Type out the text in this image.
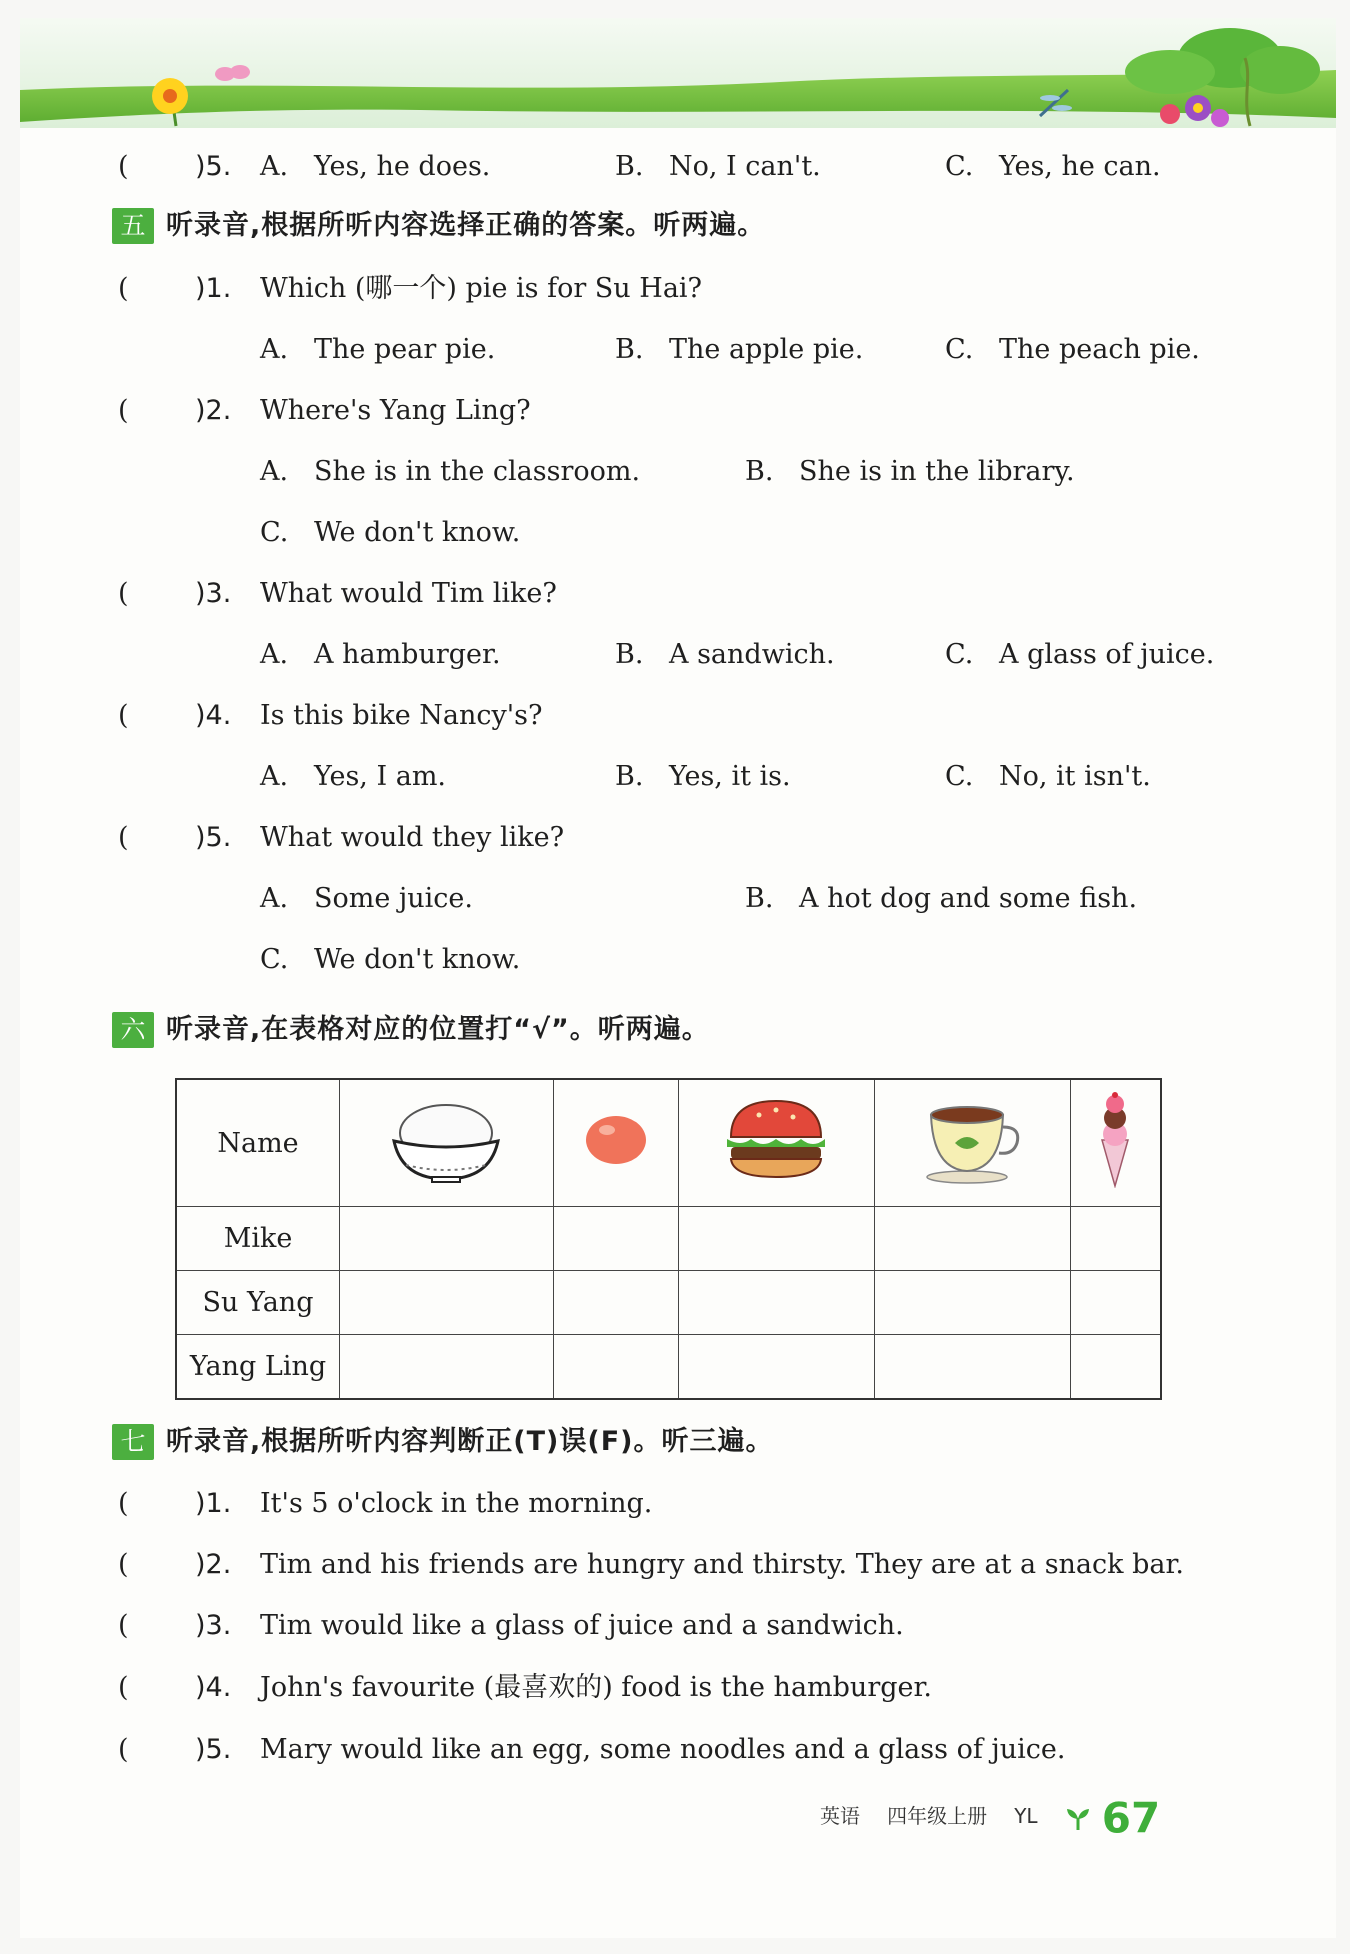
( )5. A. Yes, he does.	B. No, I can't.	C. Yes, he can.
五 听录音,根据所听内容选择正确的答案。听两遍。
( )1. Which (哪一个) pie is for Su Hai?
A. The pear pie.	B. The apple pie.	C. The peach pie.
( )2. Where's Yang Ling?
A. She is in the classroom.	B. She is in the library.
C. We don't know.
( )3. What would Tim like?
A. A hamburger.	B. A sandwich.	C. A glass of juice.
( )4. Is this bike Nancy's?
A. Yes, I am.	B. Yes, it is.	C. No, it isn't.
( )5. What would they like?
A. Some juice.	B. A hot dog and some fish.
C. We don't know.
六 听录音,在表格对应的位置打“√”。听两遍。
Name					
Mike					
Su Yang					
Yang Ling					
七 听录音,根据所听内容判断正(T)误(F)。听三遍。
( )1. It's 5 o'clock in the morning.
( )2. Tim and his friends are hungry and thirsty. They are at a snack bar.
( )3. Tim would like a glass of juice and a sandwich.
( )4. John's favourite (最喜欢的) food is the hamburger.
( )5. Mary would like an egg, some noodles and a glass of juice.
英语 四年级上册 YL 67
